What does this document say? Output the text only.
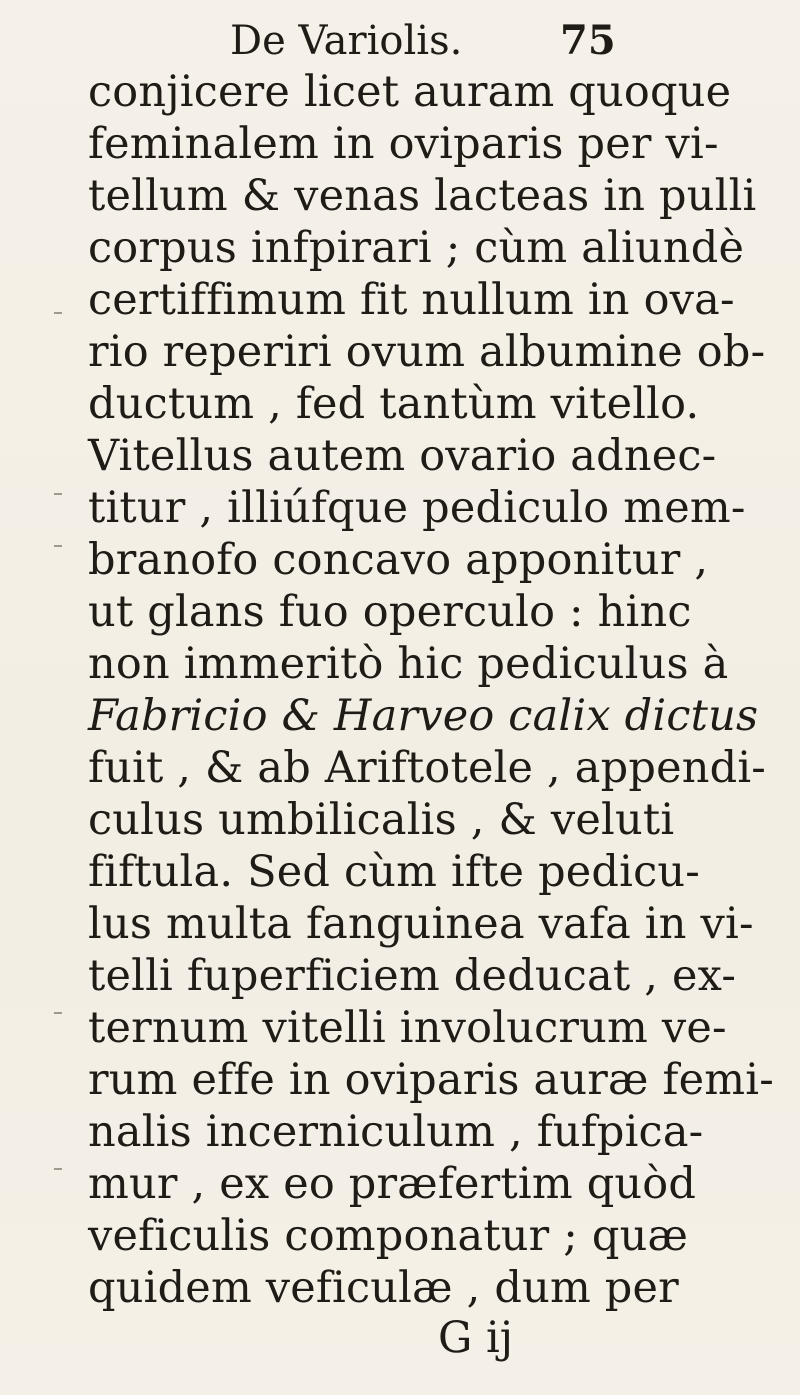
De Variolis. 75
conjicere licet auram quoque
feminalem in oviparis per vi-
tellum & venas lacteas in pulli
corpus infpirari ; cùm aliundè
certiffimum fit nullum in ova-
rio reperiri ovum albumine ob-
ductum , fed tantùm vitello.
Vitellus autem ovario adnec-
titur , illiúfque pediculo mem-
branofo concavo apponitur ,
ut glans fuo operculo : hinc
non immeritò hic pediculus à
Fabricio & Harveo calix dictus
fuit , & ab Ariftotele , appendi-
culus umbilicalis , & veluti
fiftula. Sed cùm ifte pedicu-
lus multa fanguinea vafa in vi-
telli fuperficiem deducat , ex-
ternum vitelli involucrum ve-
rum effe in oviparis auræ femi-
nalis incerniculum , fufpica-
mur , ex eo præfertim quòd
veficulis componatur ; quæ
quidem veficulæ , dum per
G ij
